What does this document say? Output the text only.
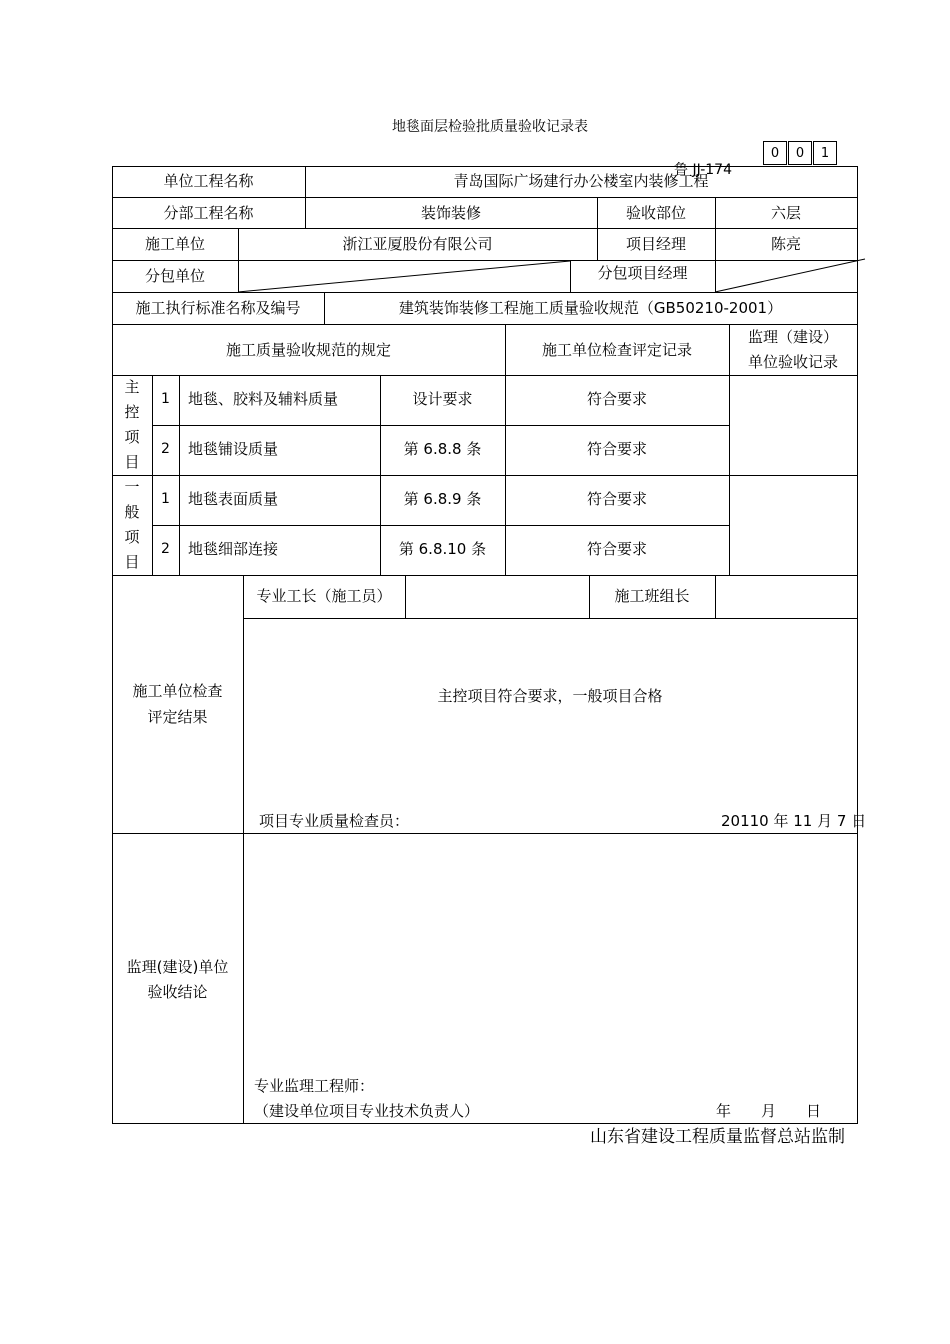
地毯面层检验批质量验收记录表
0	0	1
单位工程名称	青岛国际广场建行办公楼室内装修工程
鲁 JJ-174
分部工程名称	装饰装修	验收部位	六层
施工单位	浙江亚厦股份有限公司	项目经理	陈亮
分包单位	分包项目经理
施工执行标准名称及编号	建筑装饰装修工程施工质量验收规范（GB50210-2001）
施工质量验收规范的规定	施工单位检查评定记录
监理（建设）
单位验收记录
主
控
项
目
1	地毯、胶料及辅料质量	设计要求	符合要求
2	地毯铺设质量	第 6.8.8 条	符合要求
一
般
项
目
1	地毯表面质量	第 6.8.9 条	符合要求
2	地毯细部连接	第 6.8.10 条	符合要求
专业工长（施工员）	施工班组长
施工单位检查
评定结果
主控项目符合要求，一般项目合格
项目专业质量检查员：	20110 年 11 月 7 日
监理(建设)单位
验收结论
专业监理工程师：
（建设单位项目专业技术负责人）	年　　月　　日
山东省建设工程质量监督总站监制
